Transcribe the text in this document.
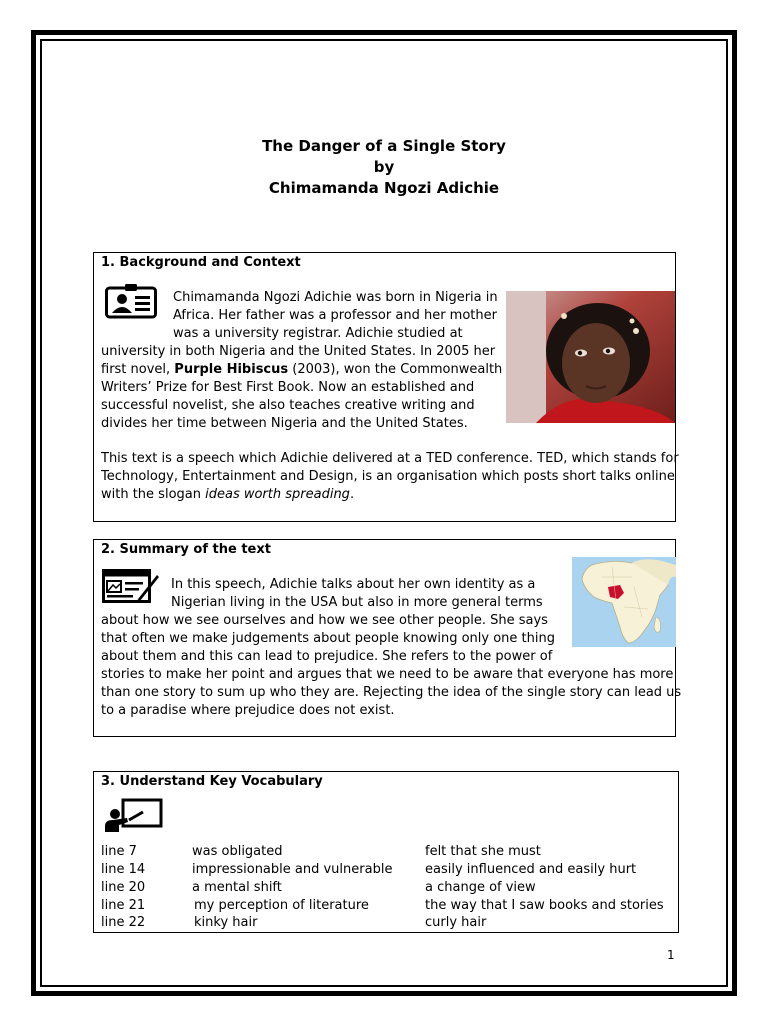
The Danger of a Single Story
by
Chimamanda Ngozi Adichie
1. Background and Context
Chimamanda Ngozi Adichie was born in Nigeria in
Africa. Her father was a professor and her mother
was a university registrar. Adichie studied at
university in both Nigeria and the United States. In 2005 her
first novel, Purple Hibiscus (2003), won the Commonwealth
Writers’ Prize for Best First Book. Now an established and
successful novelist, she also teaches creative writing and
divides her time between Nigeria and the United States.
This text is a speech which Adichie delivered at a TED conference. TED, which stands for
Technology, Entertainment and Design, is an organisation which posts short talks online
with the slogan ideas worth spreading.
2. Summary of the text
In this speech, Adichie talks about her own identity as a
Nigerian living in the USA but also in more general terms
about how we see ourselves and how we see other people. She says
that often we make judgements about people knowing only one thing
about them and this can lead to prejudice. She refers to the power of
stories to make her point and argues that we need to be aware that everyone has more
than one story to sum up who they are. Rejecting the idea of the single story can lead us
to a paradise where prejudice does not exist.
3. Understand Key Vocabulary
line 7	was obligated	felt that she must
line 14	impressionable and vulnerable	easily influenced and easily hurt
line 20	a mental shift	a change of view
line 21	my perception of literature	the way that I saw books and stories
line 22	kinky hair	curly hair
1
